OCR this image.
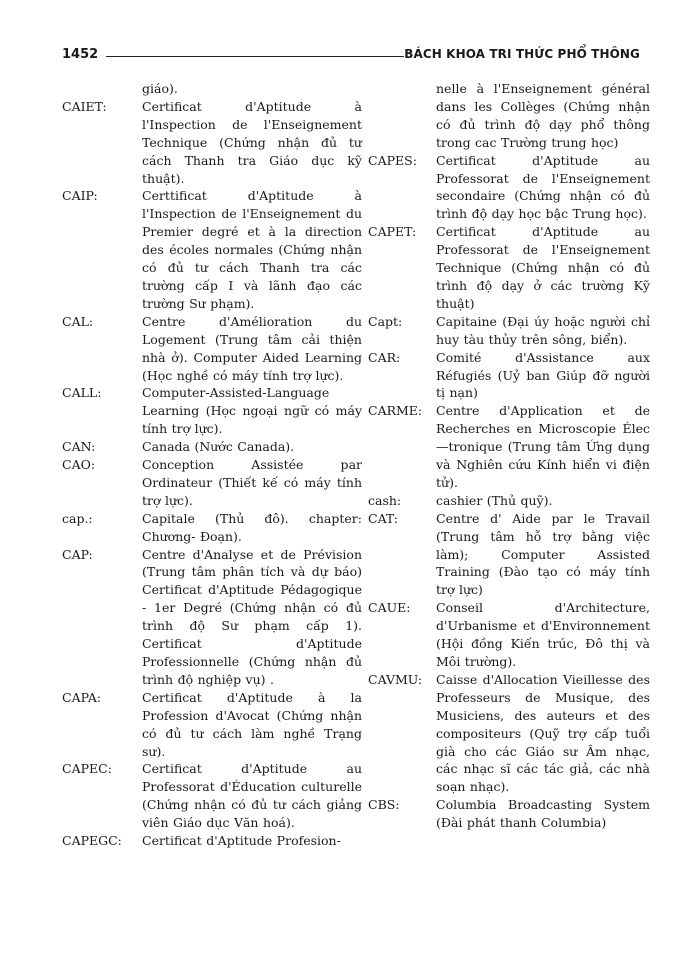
1452	BÁCH KHOA TRI THỨC PHỔ THÔNG
giáo).
CAIET:	Certificat d'Aptitude à l'Inspection de l'Enseignement Technique (Chứng nhận đủ tư cách Thanh tra Giáo dục kỹ thuật).
CAIP:	Certtificat d'Aptitude à l'Inspection de l'Enseignement du Premier degré et à la direction des écoles normales (Chứng nhận có đủ tư cách Thanh tra các trường cấp I và lãnh đạo các trường Sư phạm).
CAL:	Centre d'Amélioration du Logement (Trung tâm cải thiện nhà ở). Computer Aided Learning (Học nghề có máy tính trợ lực).
CALL:	Computer-Assisted-Language Learning (Học ngoại ngữ có máy tính trợ lực).
CAN:	Canada (Nước Canada).
CAO:	Conception Assistée par Ordinateur (Thiết kế có máy tính trợ lực).
cap.:	Capitale (Thủ đô). chapter: Chương- Đoạn).
CAP:	Centre d'Analyse et de Prévision (Trung tâm phân tích và dự báo) Certificat d'Aptitude Pédagogique - 1er Degré (Chứng nhận có đủ trình độ Sư phạm cấp 1). Certificat d'Aptitude Professionnelle (Chứng nhận đủ trình độ nghiệp vụ) .
CAPA:	Certificat d'Aptitude à la Profession d'Avocat (Chứng nhận có đủ tư cách làm nghề Trạng sư).
CAPEC:	Certificat d'Aptitude au Professorat d'Éducation culturelle (Chứng nhận có đủ tư cách giảng viên Giáo dục Văn hoá).
CAPEGC:	Certificat d'Aptitude Profesion-
nelle à l'Enseignement général dans les Collèges (Chứng nhận có đủ trình độ dạy phổ thông trong cac Trường trung học)
CAPES:	Certificat d'Aptitude au Professorat de l'Enseignement secondaire (Chứng nhận có đủ trình độ dạy học bậc Trung học).
CAPET:	Certificat d'Aptitude au Professorat de l'Enseignement Technique (Chứng nhận có đủ trình độ dạy ở các trường Kỹ thuật)
Capt:	Capitaine (Đại úy hoặc người chỉ huy tàu thủy trên sông, biển).
CAR:	Comité d'Assistance aux Réfugiés (Uỷ ban Giúp đỡ người tị nạn)
CARME:	Centre d'Application et de Recherches en Microscopie Élec—tronique (Trung tâm Ứng dụng và Nghiên cứu Kính hiển vi điện tử).
cash:	cashier (Thủ quỹ).
CAT:	Centre d' Aide par le Travail (Trung tâm hỗ trợ bằng việc làm); Computer Assisted Training (Đào tạo có máy tính trợ lực)
CAUE:	Conseil d'Architecture, d'Urbanisme et d'Environnement (Hội đồng Kiến trúc, Đô thị và Môi trường).
CAVMU:	Caisse d'Allocation Vieillesse des Professeurs de Musique, des Musiciens, des auteurs et des compositeurs (Quỹ trợ cấp tuổi già cho các Giáo sư Âm nhạc, các nhạc sĩ các tác giả, các nhà soạn nhạc).
CBS:	Columbia Broadcasting System (Đài phát thanh Columbia)
